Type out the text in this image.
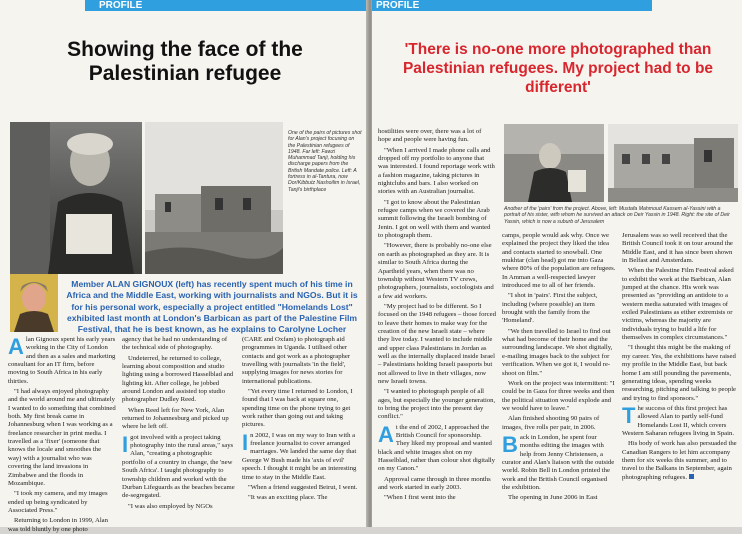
PROFILE
Showing the face of the Palestinian refugee
One of the pairs of pictures shot for Alan's project focusing on the Palestinian refugees of 1948. Far left: Fawzi Muhammad Tanji, holding his discharge papers from the British Mandate police. Left: A fortress in al-Tantura, now Dor/Kibbutz Nashoilim in Israel, Tanji's birthplace
Member ALAN GIGNOUX (left) has recently spent much of his time in Africa and the Middle East, working with journalists and NGOs. But it is for his personal work, especially a project entitled "Homelands Lost" exhibited last month at London's Barbican as part of the Palestine Film Festival, that he is best known, as he explains to Carolyne Locher

Alan Gignoux spent his early years working in the City of London and then as a sales and marketing consultant for an IT firm, before moving to South Africa in his early thirties.

"I had always enjoyed photography and the world around me and ultimately I wanted to do something that combined both. My first break came in Johannesburg when I was working as a freelance researcher in print media. I travelled as a 'fixer' (someone that knows the locale and smoothes the way) with a journalist who was covering the land invasions in Zimbabwe and the floods in Mozambique.

"I took my camera, and my images ended up being syndicated by Associated Press."

Returning to London in 1999, Alan was told bluntly by one photo

agency that he had no understanding of the technical side of photography.

Undeterred, he returned to college, learning about composition and studio lighting using a borrowed Hasselblad and lighting kit. After college, he jobbed around London and assisted top studio photographer Dudley Reed.

When Reed left for New York, Alan returned to Johannesburg and picked up where he left off.

Igot involved with a project taking photography into the rural areas," says Alan, "creating a photographic portfolio of a country in change, the 'new South Africa'. I taught photography to township children and worked with the Durban Lifeguards as the beaches became de-segregated.

"I was also employed by NGOs

(CARE and Oxfam) to photograph aid programmes in Uganda. I utilised other contacts and got work as a photographer travelling with journalists 'in the field', supplying images for news stories for international publications.

"Yet every time I returned to London, I found that I was back at square one, spending time on the phone trying to get work rather than going out and taking pictures.

In 2002, I was on my way to Iran with a freelance journalist to cover arranged marriages. We landed the same day that George W Bush made his 'axis of evil' speech. I thought it might be an interesting time to stay in the Middle East.

"When a friend suggested Beirut, I went.

"It was an exciting place. The

PROFILE
'There is no-one more photographed than Palestinian refugees. My project had to be different'

hostilities were over, there was a lot of hope and people were having fun.

"When I arrived I made phone calls and dropped off my portfolio to anyone that was interested. I found reportage work with a fashion magazine, taking pictures in nightclubs and bars. I also worked on stories with an Australian journalist.

"I got to know about the Palestinian refugee camps when we covered the Arab summit following the Israeli bombing of Jenin. I got on well with them and wanted to photograph them.

"However, there is probably no-one else on earth as photographed as they are. It is similar to South Africa during the Apartheid years, when there was no township without Western TV crews, photographers, journalists, sociologists and a few aid workers.

"My project had to be different. So I focused on the 1948 refugees – those forced to leave their homes to make way for the creation of the new Israeli state – where they live today. I wanted to include middle and upper class Palestinians in Jordan as well as the internally displaced inside Israel – Palestinians holding Israeli passports but not allowed to live in their villages, now new Israeli towns.

"I wanted to photograph people of all ages, but especially the younger generation, to bring the project into the present day conflict."

At the end of 2002, I approached the British Council for sponsorship. They liked my proposal and wanted black and white images shot on my Hasselblad, rather than colour shot digitally on my Canon."

Approval came through in three months and work started in early 2003.

"When I first went into the

Another of the 'pairs' from the project. Above, left: Mustafa Mahmoud Kassem al-Yassini with a portrait of his sister, with whom he survived an attack on Deir Yassin in 1948. Right: the site of Deir Yassin, which is now a suburb of Jerusalem

camps, people would ask why. Once we explained the project they liked the idea and contacts started to snowball. One mukhtar (clan head) got me into Gaza where 80% of the population are refugees. In Amman a well-respected lawyer introduced me to all of her friends.

"I shot in 'pairs'. First the subject, including (where possible) an item brought with the family from the 'Homeland'.

"We then travelled to Israel to find out what had become of their home and the surrounding landscape. We shot digitally, e-mailing images back to the subject for verification. When we got it, I would re-shoot on film."

Work on the project was intermittent: "I could be in Gaza for three weeks and then the political situation would explode and we would have to leave."

Alan finished shooting 90 pairs of images, five rolls per pair, in 2006.

Back in London, he spent four months editing the images with help from Jenny Christensen, a curator and Alan's liaison with the outside world. Robin Bell in London printed the work and the British Council organised the exhibition.

The opening in June 2006 in East

Jerusalem was so well received that the British Council took it on tour around the Middle East, and it has since been shown in Belfast and Amsterdam.

When the Palestine Film Festival asked to exhibit the work at the Barbican, Alan jumped at the chance. His work was presented as "providing an antidote to a western media saturated with images of exiled Palestinians as either extremists or victims, whereas the majority are individuals trying to build a life for themselves in complex circumstances."

"I thought this might be the making of my career. Yes, the exhibitions have raised my profile in the Middle East, but back home I am still pounding the pavements, generating ideas, spending weeks researching, pitching and talking to people and trying to find sponsors."

The success of this first project has allowed Alan to partly self-fund Homelands Lost II, which covers Western Saharan refugees living in Spain.

His body of work has also persuaded the Canadian Rangers to let him accompany them for six weeks this summer, and to travel to the Balkans in September, again photographing refugees.
